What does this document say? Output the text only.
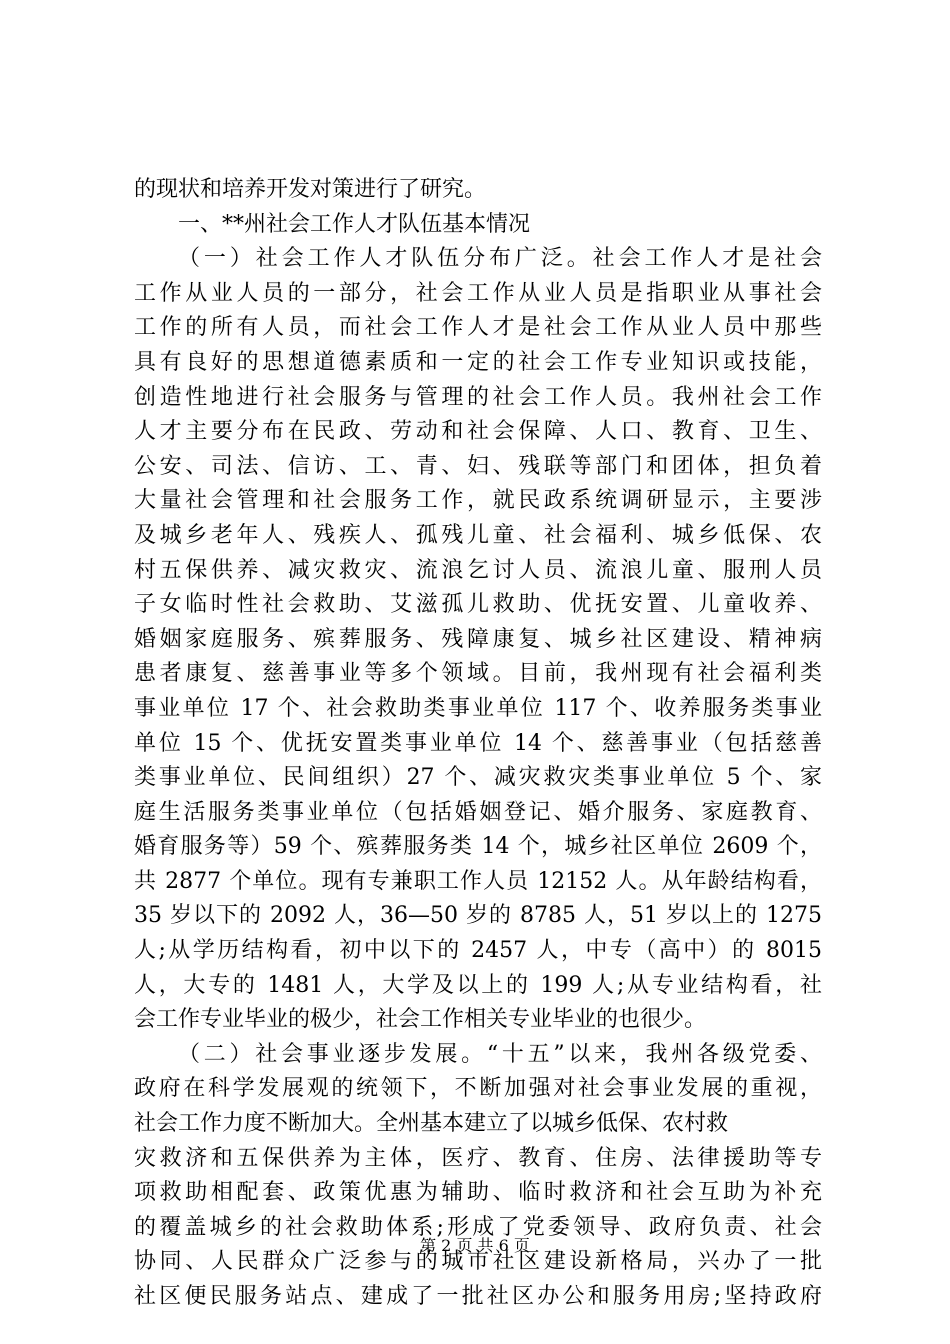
的现状和培养开发对策进行了研究。
一、**州社会工作人才队伍基本情况
（一）社会工作人才队伍分布广泛。社会工作人才是社会
工作从业人员的一部分，社会工作从业人员是指职业从事社会
工作的所有人员，而社会工作人才是社会工作从业人员中那些
具有良好的思想道德素质和一定的社会工作专业知识或技能，
创造性地进行社会服务与管理的社会工作人员。我州社会工作
人才主要分布在民政、劳动和社会保障、人口、教育、卫生、
公安、司法、信访、工、青、妇、残联等部门和团体，担负着
大量社会管理和社会服务工作，就民政系统调研显示，主要涉
及城乡老年人、残疾人、孤残儿童、社会福利、城乡低保、农
村五保供养、减灾救灾、流浪乞讨人员、流浪儿童、服刑人员
子女临时性社会救助、艾滋孤儿救助、优抚安置、儿童收养、
婚姻家庭服务、殡葬服务、残障康复、城乡社区建设、精神病
患者康复、慈善事业等多个领域。目前，我州现有社会福利类
事业单位 17 个、社会救助类事业单位 117 个、收养服务类事业
单位 15 个、优抚安置类事业单位 14 个、慈善事业（包括慈善
类事业单位、民间组织）27 个、减灾救灾类事业单位 5 个、家
庭生活服务类事业单位（包括婚姻登记、婚介服务、家庭教育、
婚育服务等）59 个、殡葬服务类 14 个，城乡社区单位 2609 个，
共 2877 个单位。现有专兼职工作人员 12152 人。从年龄结构看，
35 岁以下的 2092 人，36—50 岁的 8785 人，51 岁以上的 1275
人;从学历结构看，初中以下的 2457 人，中专（高中）的 8015
人，大专的 1481 人，大学及以上的 199 人;从专业结构看，社
会工作专业毕业的极少，社会工作相关专业毕业的也很少。
（二）社会事业逐步发展。“十五”以来，我州各级党委、
政府在科学发展观的统领下，不断加强对社会事业发展的重视，
社会工作力度不断加大。全州基本建立了以城乡低保、农村救
灾救济和五保供养为主体，医疗、教育、住房、法律援助等专
项救助相配套、政策优惠为辅助、临时救济和社会互助为补充
的覆盖城乡的社会救助体系;形成了党委领导、政府负责、社会
协同、人民群众广泛参与的城市社区建设新格局，兴办了一批
社区便民服务站点、建成了一批社区办公和服务用房;坚持政府
第 2 页 共 6 页
